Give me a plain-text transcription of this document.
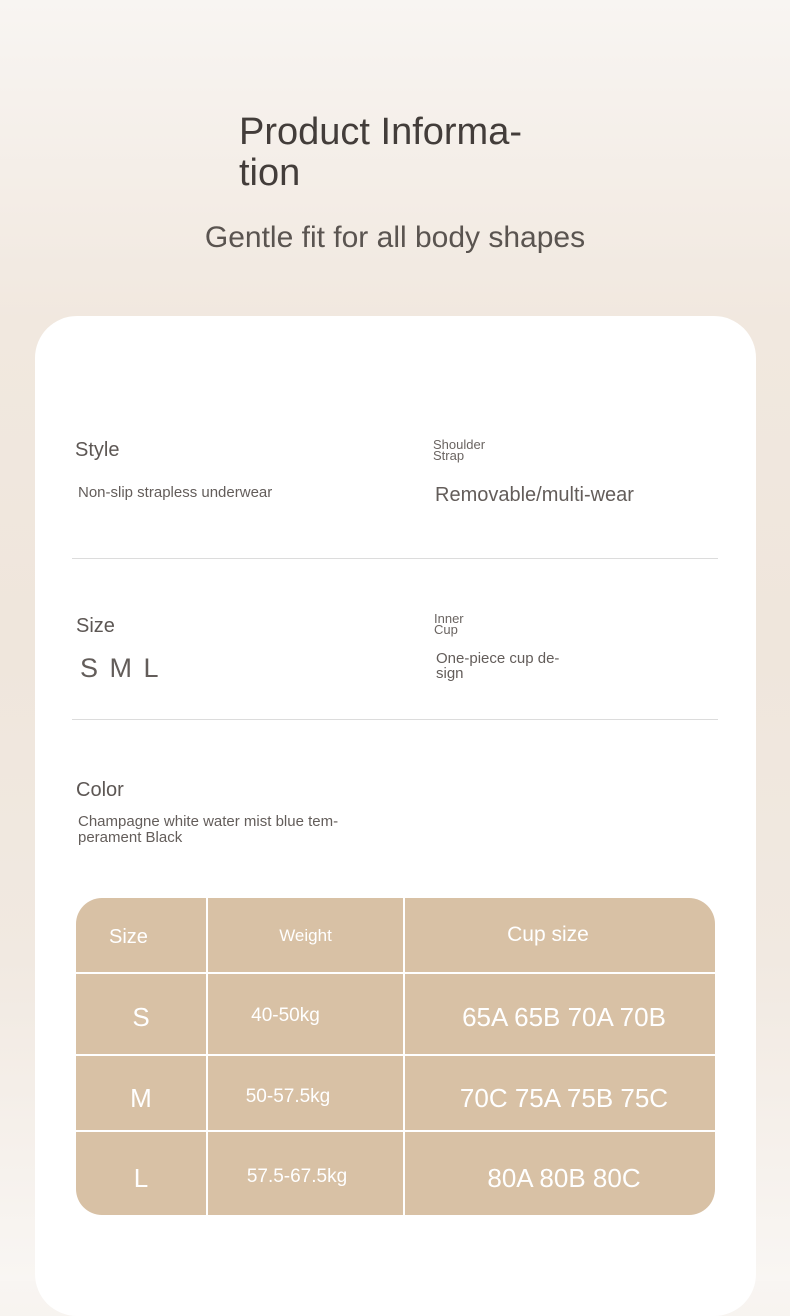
Product Informa-
tion
Gentle fit for all body shapes
Style
Non-slip strapless underwear
Shoulder
Strap
Removable/multi-wear
Size
S M L
Inner
Cup
One-piece cup de-
sign
Color
Champagne white water mist blue tem-
perament Black
Size	Weight	Cup size
S	40-50kg	65A 65B 70A 70B
M	50-57.5kg	70C 75A 75B 75C
L	57.5-67.5kg	80A 80B 80C
